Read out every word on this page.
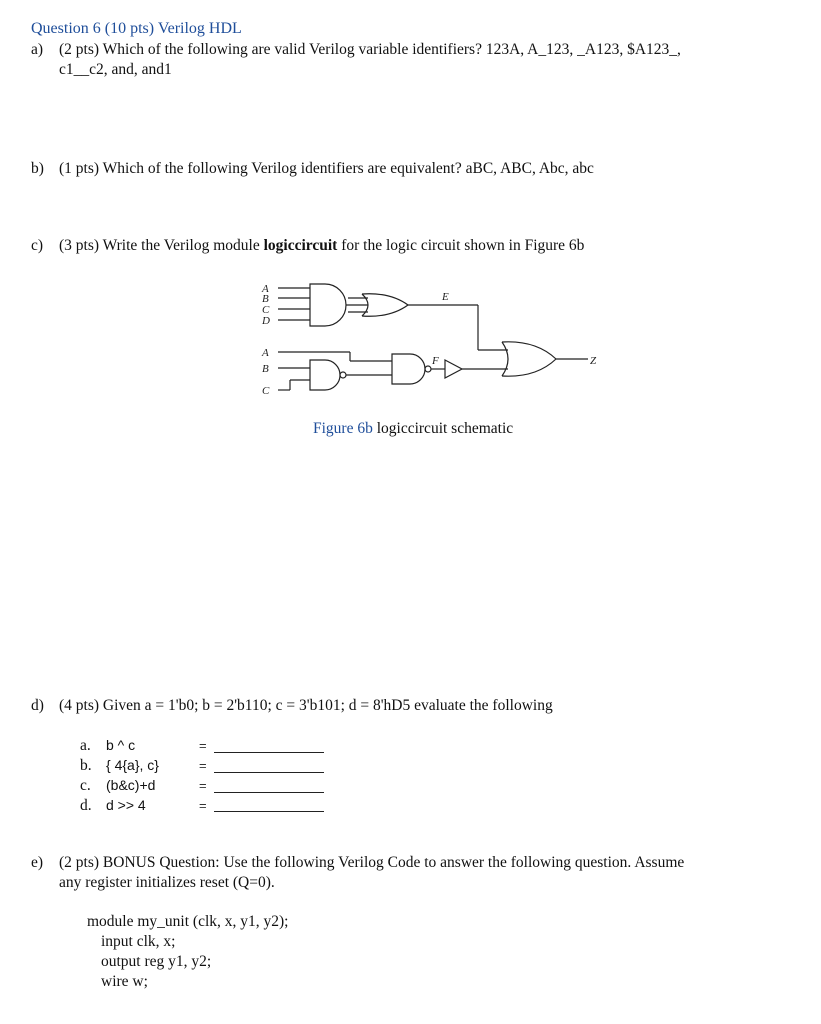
Question 6 (10 pts) Verilog HDL
a) (2 pts) Which of the following are valid Verilog variable identifiers? 123A, A_123, _A123, $A123_,
c1__c2, and, and1
b) (1 pts) Which of the following Verilog identifiers are equivalent? aBC, ABC, Abc, abc
c) (3 pts) Write the Verilog module logiccircuit for the logic circuit shown in Figure 6b
A
B
C
D
A
B
C
E
F	Z
Figure 6b logiccircuit schematic
d) (4 pts) Given a = 1'b0; b = 2'b110; c = 3'b101; d = 8'hD5 evaluate the following
a. b ^ c	=
b. { 4{a}, c}	=
c. (b&c)+d	=
d. d >> 4	=
e) (2 pts) BONUS Question: Use the following Verilog Code to answer the following question. Assume
any register initializes reset (Q=0).
module my_unit (clk, x, y1, y2);
input clk, x;
output reg y1, y2;
wire w;
